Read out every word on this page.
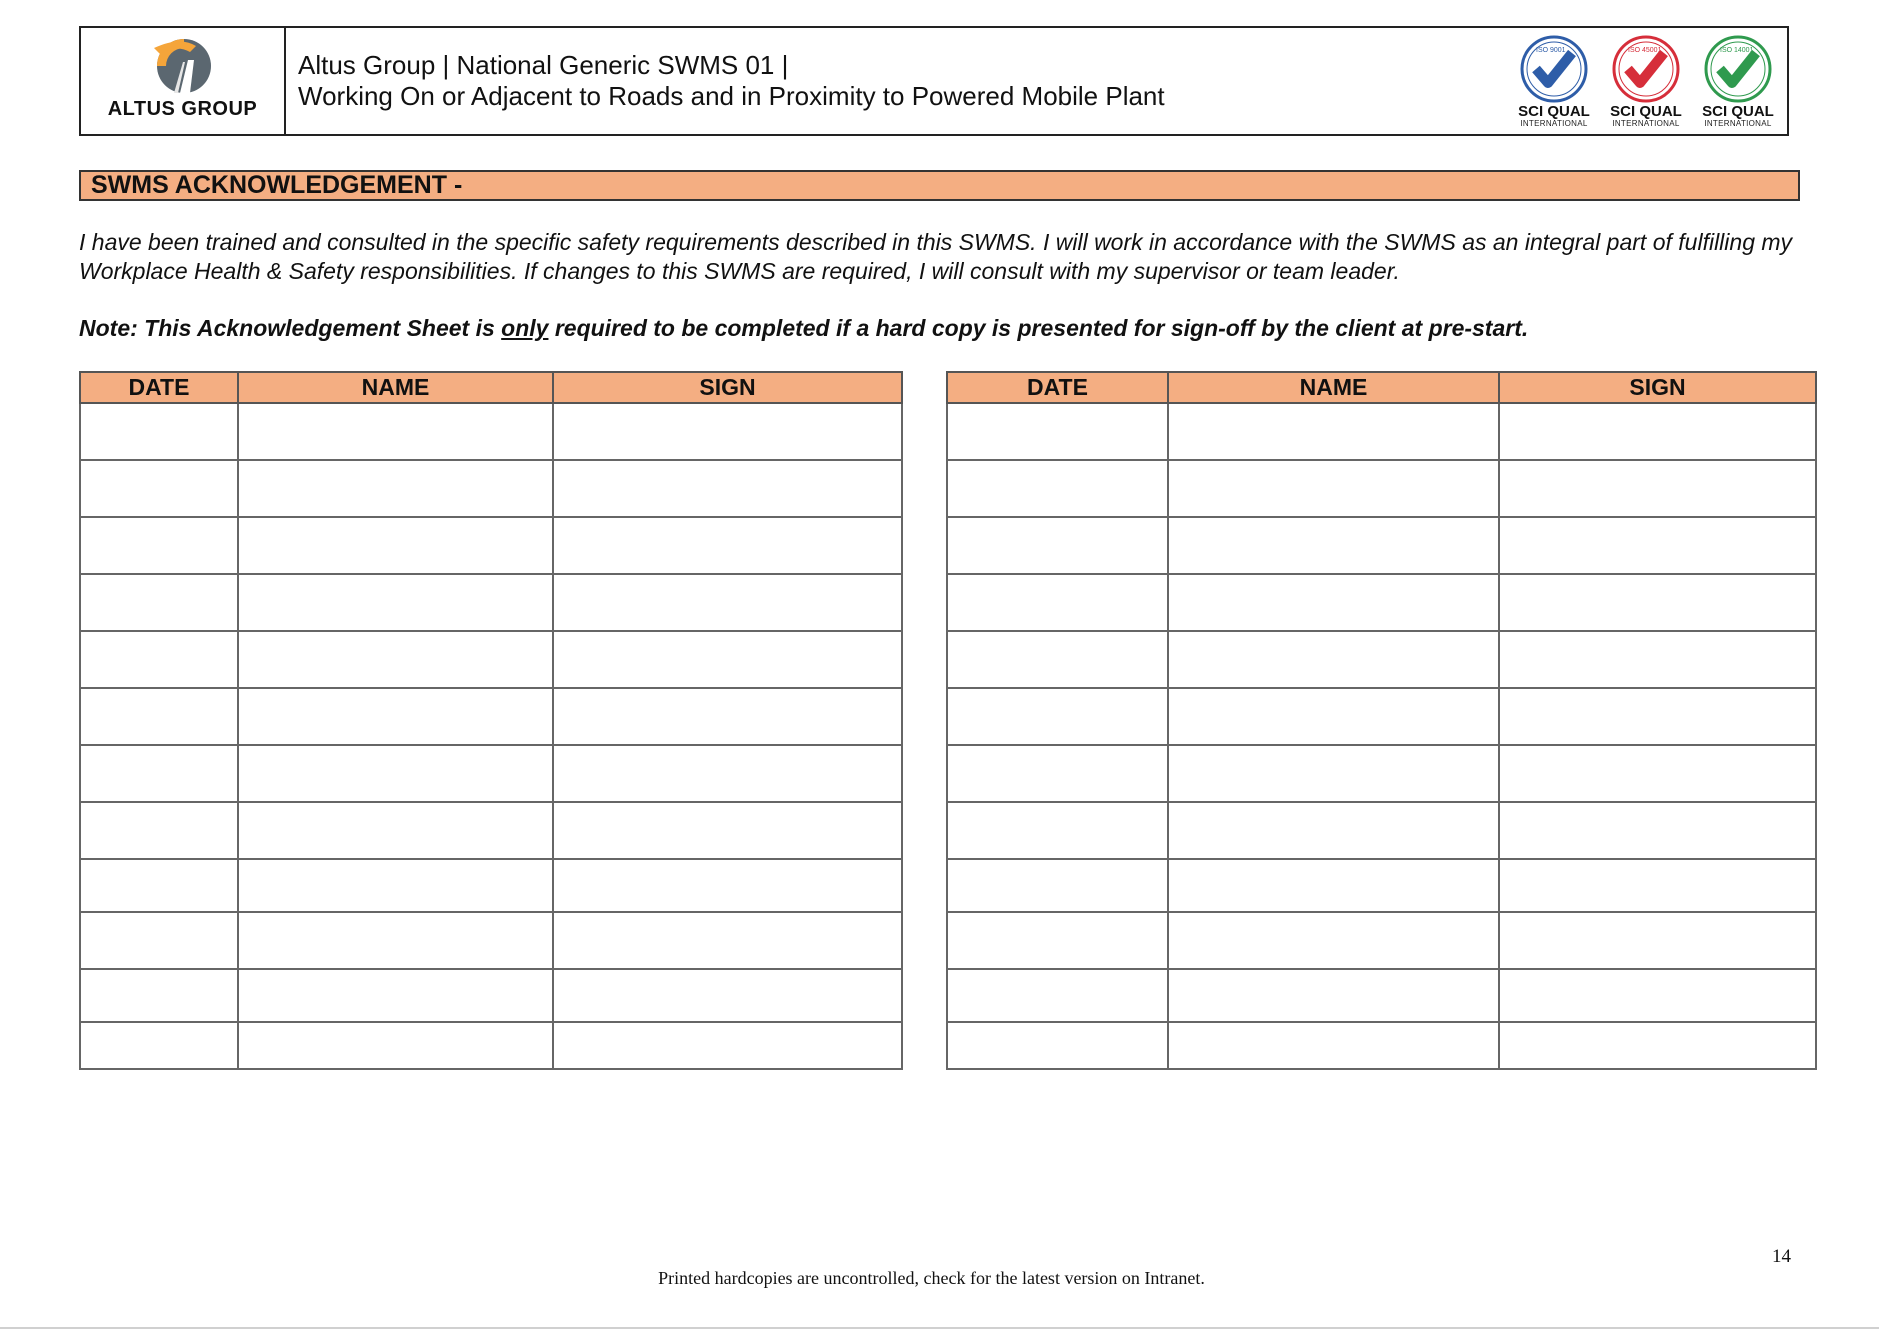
ALTUS GROUP
Altus Group | National Generic SWMS 01 |
Working On or Adjacent to Roads and in Proximity to Powered Mobile Plant
ISO 9001
SCI QUAL
INTERNATIONAL
ISO 45001
SCI QUAL
INTERNATIONAL
ISO 14001
SCI QUAL
INTERNATIONAL
SWMS ACKNOWLEDGEMENT -

I have been trained and consulted in the specific safety requirements described in this SWMS. I will work in accordance with the SWMS as an integral part of fulfilling my Workplace Health & Safety responsibilities. If changes to this SWMS are required, I will consult with my supervisor or team leader.

Note: This Acknowledgement Sheet is only required to be completed if a hard copy is presented for sign-off by the client at pre-start.

DATE	NAME	SIGN

			DATE	NAME	SIGN

14
Printed hardcopies are uncontrolled, check for the latest version on Intranet.
